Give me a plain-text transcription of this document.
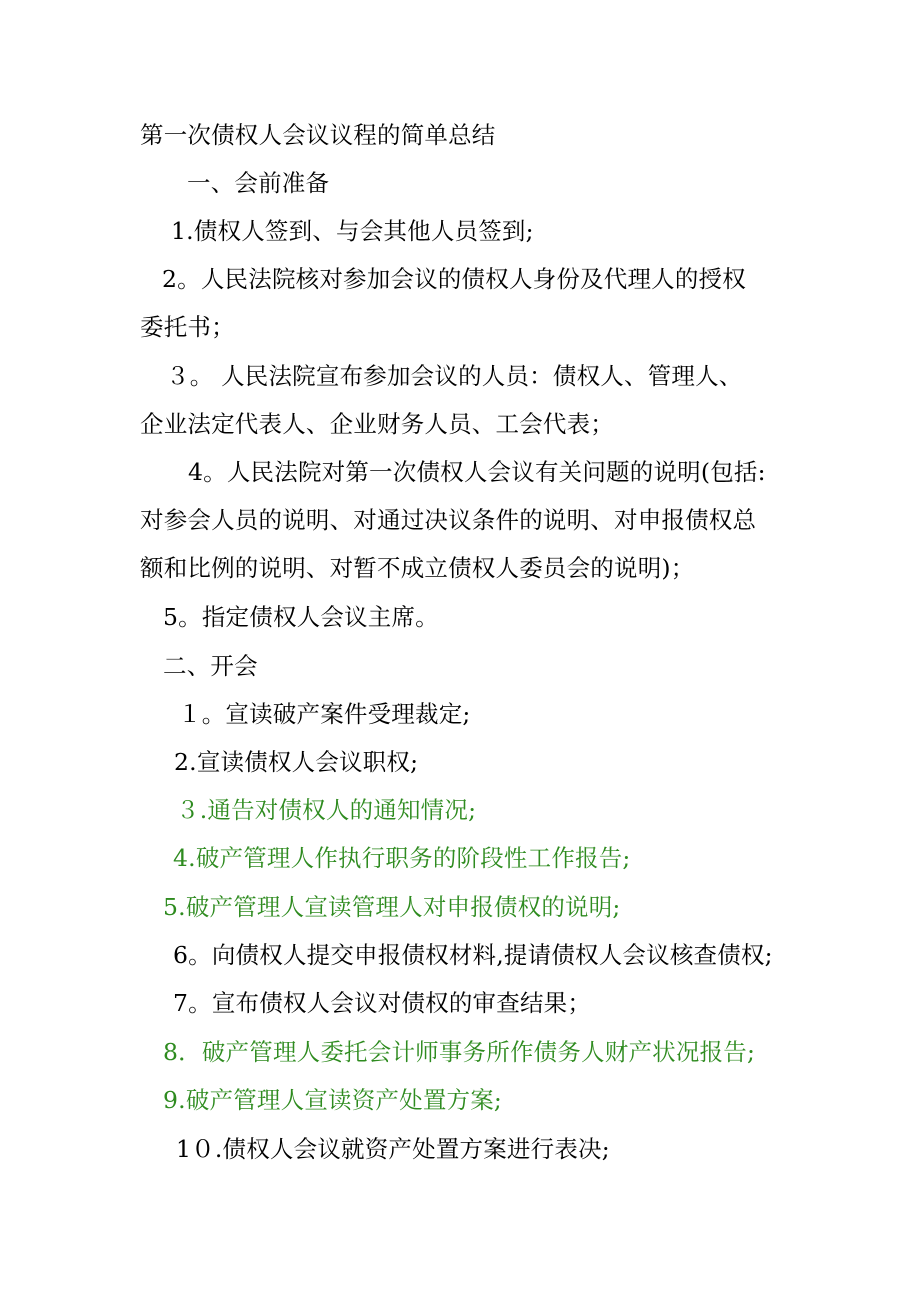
第一次债权人会议议程的简单总结
一、会前准备
1.债权人签到、与会其他人员签到;
2。人民法院核对参加会议的债权人身份及代理人的授权
委托书；
３。 人民法院宣布参加会议的人员：债权人、管理人、
企业法定代表人、企业财务人员、工会代表；
4。人民法院对第一次债权人会议有关问题的说明(包括:
对参会人员的说明、对通过决议条件的说明、对申报债权总
额和比例的说明、对暂不成立债权人委员会的说明)；
5。指定债权人会议主席。
二、开会
１。宣读破产案件受理裁定;
2.宣读债权人会议职权;
３.通告对债权人的通知情况;
4.破产管理人作执行职务的阶段性工作报告;
5.破产管理人宣读管理人对申报债权的说明;
6。向债权人提交申报债权材料,提请债权人会议核查债权;
7。宣布债权人会议对债权的审查结果；
8．破产管理人委托会计师事务所作债务人财产状况报告;
9.破产管理人宣读资产处置方案;
1０.债权人会议就资产处置方案进行表决;
